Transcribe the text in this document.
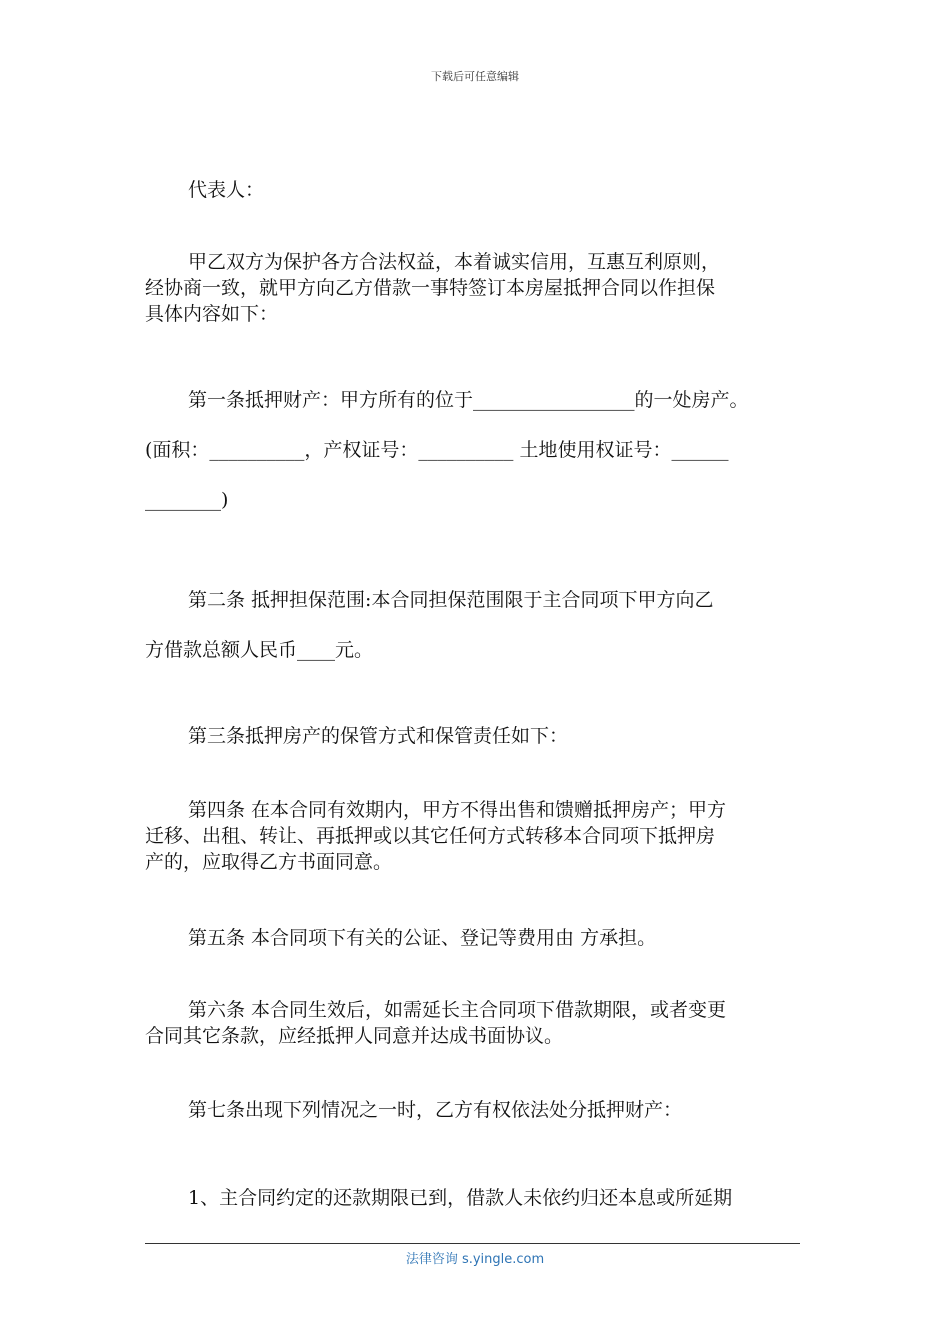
下载后可任意编辑
代表人：
甲乙双方为保护各方合法权益，本着诚实信用，互惠互利原则，
经协商一致，就甲方向乙方借款一事特签订本房屋抵押合同以作担保
具体内容如下：
第一条抵押财产：甲方所有的位于_________________的一处房产。
(面积：__________，产权证号：__________ 土地使用权证号：______
________)
第二条 抵押担保范围:本合同担保范围限于主合同项下甲方向乙
方借款总额人民币____元。
第三条抵押房产的保管方式和保管责任如下：
第四条 在本合同有效期内，甲方不得出售和馈赠抵押房产；甲方
迁移、出租、转让、再抵押或以其它任何方式转移本合同项下抵押房
产的，应取得乙方书面同意。
第五条 本合同项下有关的公证、登记等费用由 方承担。
第六条 本合同生效后，如需延长主合同项下借款期限，或者变更
合同其它条款，应经抵押人同意并达成书面协议。
第七条出现下列情况之一时，乙方有权依法处分抵押财产：
1、主合同约定的还款期限已到，借款人未依约归还本息或所延期
法律咨询 s.yingle.com
